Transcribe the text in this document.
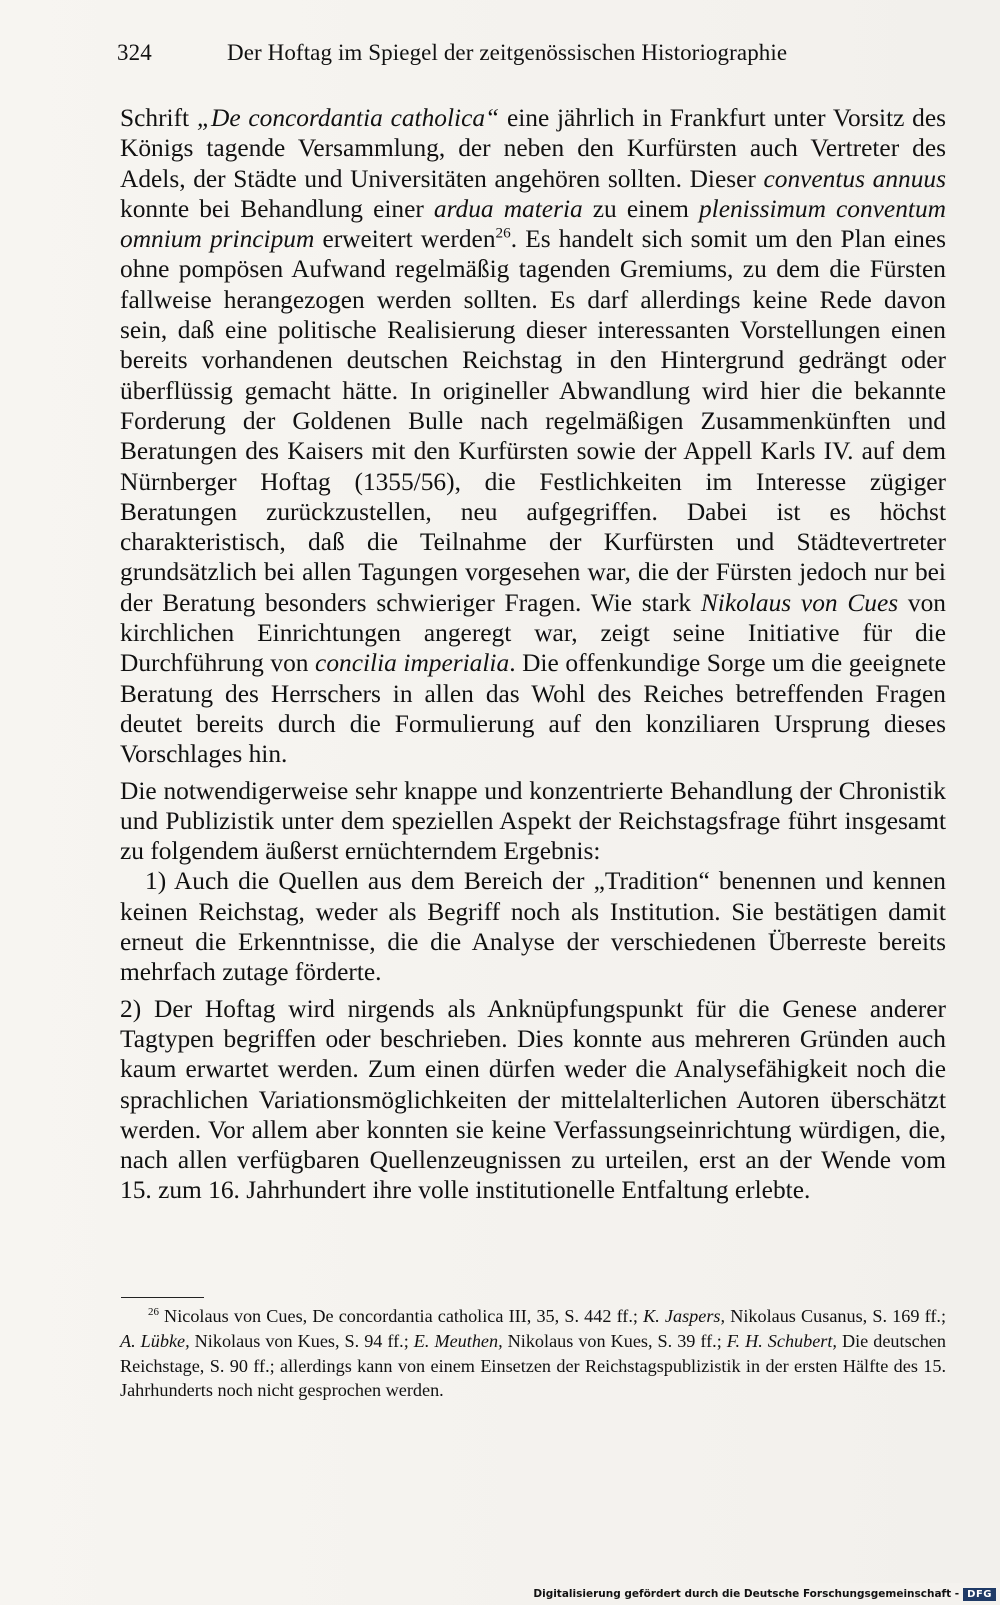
324	Der Hoftag im Spiegel der zeitgenössischen Historiographie

Schrift „De concordantia catholica“ eine jährlich in Frankfurt unter Vorsitz des Königs tagende Versammlung, der neben den Kurfürsten auch Vertreter des Adels, der Städte und Universitäten angehören sollten. Dieser conventus annuus konnte bei Behandlung einer ardua materia zu einem plenissimum conventum omnium principum erweitert werden$^{26}$. Es handelt sich somit um den Plan eines ohne pompösen Aufwand regelmäßig tagenden Gremiums, zu dem die Fürsten fallweise herangezogen werden sollten. Es darf allerdings keine Rede davon sein, daß eine politische Realisierung dieser interessanten Vorstellungen einen bereits vorhandenen deutschen Reichstag in den Hintergrund gedrängt oder überflüssig gemacht hätte. In origineller Abwandlung wird hier die bekannte Forderung der Goldenen Bulle nach regelmäßigen Zusammenkünften und Beratungen des Kaisers mit den Kurfürsten sowie der Appell Karls IV. auf dem Nürnberger Hoftag (1355/56), die Festlichkeiten im Interesse zügiger Beratungen zurückzustellen, neu aufgegriffen. Dabei ist es höchst charakteristisch, daß die Teilnahme der Kurfürsten und Städtevertreter grundsätzlich bei allen Tagungen vorgesehen war, die der Fürsten jedoch nur bei der Beratung besonders schwieriger Fragen. Wie stark Nikolaus von Cues von kirchlichen Einrichtungen angeregt war, zeigt seine Initiative für die Durchführung von concilia imperialia. Die offenkundige Sorge um die geeignete Beratung des Herrschers in allen das Wohl des Reiches betreffenden Fragen deutet bereits durch die Formulierung auf den konziliaren Ursprung dieses Vorschlages hin.

Die notwendigerweise sehr knappe und konzentrierte Behandlung der Chronistik und Publizistik unter dem speziellen Aspekt der Reichstagsfrage führt insgesamt zu folgendem äußerst ernüchterndem Ergebnis:

1) Auch die Quellen aus dem Bereich der „Tradition“ benennen und kennen keinen Reichstag, weder als Begriff noch als Institution. Sie bestätigen damit erneut die Erkenntnisse, die die Analyse der verschiedenen Überreste bereits mehrfach zutage förderte.

2) Der Hoftag wird nirgends als Anknüpfungspunkt für die Genese anderer Tagtypen begriffen oder beschrieben. Dies konnte aus mehreren Gründen auch kaum erwartet werden. Zum einen dürfen weder die Analysefähigkeit noch die sprachlichen Variationsmöglichkeiten der mittelalterlichen Autoren überschätzt werden. Vor allem aber konnten sie keine Verfassungseinrichtung würdigen, die, nach allen verfügbaren Quellenzeugnissen zu urteilen, erst an der Wende vom 15. zum 16. Jahrhundert ihre volle institutionelle Entfaltung erlebte.

$^{26}$ Nicolaus von Cues, De concordantia catholica III, 35, S. 442 ff.; K. Jaspers, Nikolaus Cusanus, S. 169 ff.; A. Lübke, Nikolaus von Kues, S. 94 ff.; E. Meuthen, Nikolaus von Kues, S. 39 ff.; F. H. Schubert, Die deutschen Reichstage, S. 90 ff.; allerdings kann von einem Einsetzen der Reichstagspublizistik in der ersten Hälfte des 15. Jahrhunderts noch nicht gesprochen werden.

Digitalisierung gefördert durch die Deutsche Forschungsgemeinschaft - DFG
